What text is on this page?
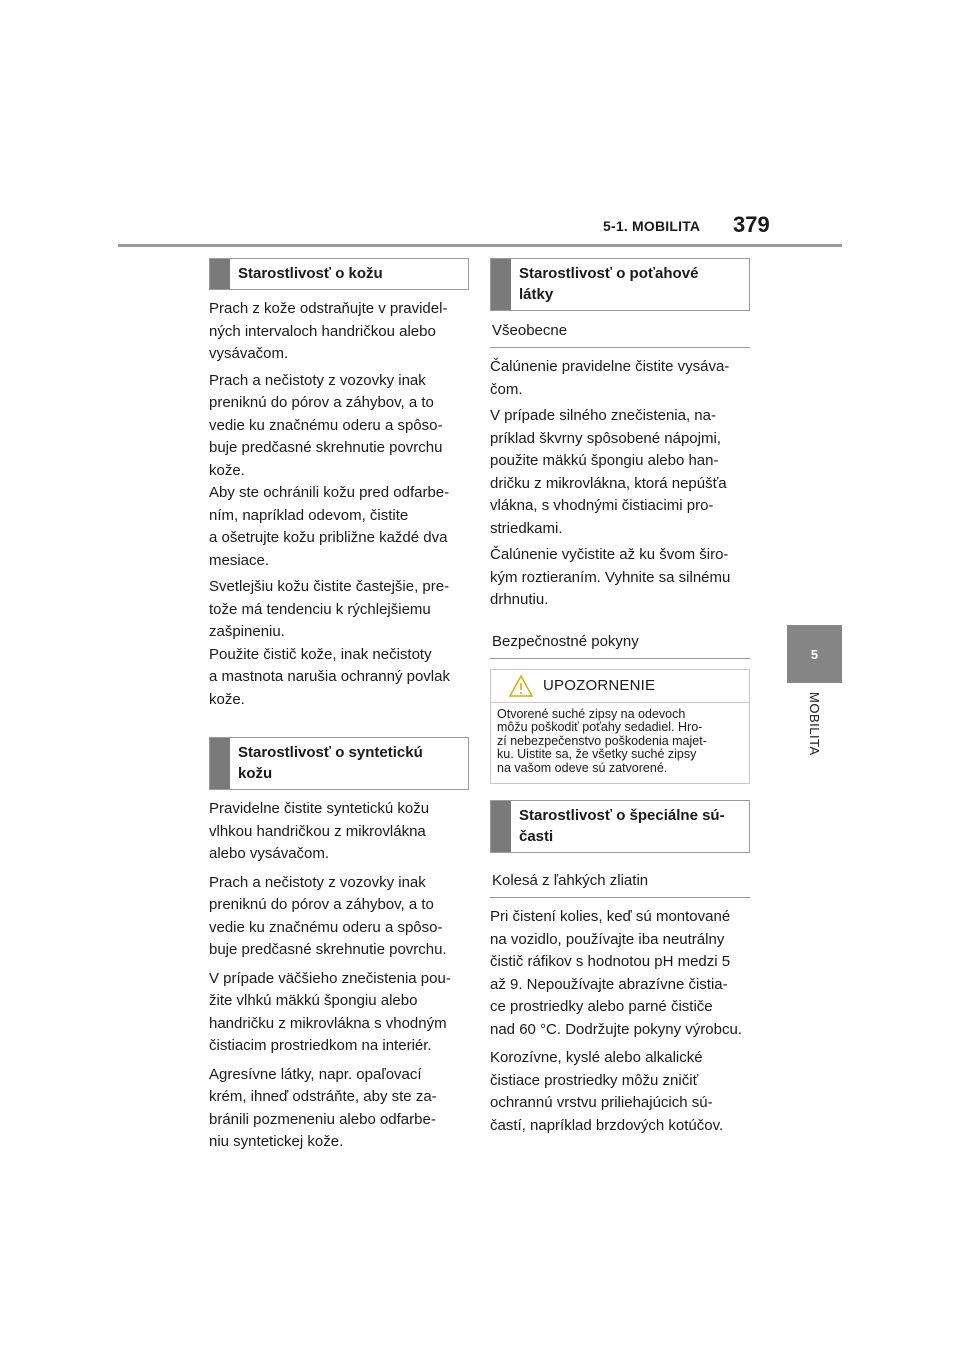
5-1. MOBILITA 379
5
MOBILITA
Starostlivosť o kožu

Prach z kože odstraňujte v pravidel-

ných intervaloch handričkou alebo

vysávačom.

Prach a nečistoty z vozovky inak

preniknú do pórov a záhybov, a to

vedie ku značnému oderu a spôso-

buje predčasné skrehnutie povrchu

kože.

Aby ste ochránili kožu pred odfarbe-

ním, napríklad odevom, čistite

a ošetrujte kožu približne každé dva

mesiace.

Svetlejšiu kožu čistite častejšie, pre-

tože má tendenciu k rýchlejšiemu

zašpineniu.

Použite čistič kože, inak nečistoty

a mastnota narušia ochranný povlak

kože.

Starostlivosť o syntetickú
kožu

Pravidelne čistite syntetickú kožu

vlhkou handričkou z mikrovlákna

alebo vysávačom.

Prach a nečistoty z vozovky inak

preniknú do pórov a záhybov, a to

vedie ku značnému oderu a spôso-

buje predčasné skrehnutie povrchu.

V prípade väčšieho znečistenia pou-

žite vlhkú mäkkú špongiu alebo

handričku z mikrovlákna s vhodným

čistiacim prostriedkom na interiér.

Agresívne látky, napr. opaľovací

krém, ihneď odstráňte, aby ste za-

bránili pozmeneniu alebo odfarbe-

niu syntetickej kože.

Starostlivosť o poťahové
látky
Všeobecne

Čalúnenie pravidelne čistite vysáva-

čom.

V prípade silného znečistenia, na-

príklad škvrny spôsobené nápojmi,

použite mäkkú špongiu alebo han-

dričku z mikrovlákna, ktorá nepúšťa

vlákna, s vhodnými čistiacimi pro-

striedkami.

Čalúnenie vyčistite až ku švom širo-

kým roztieraním. Vyhnite sa silnému

drhnutiu.

Bezpečnostné pokyny
UPOZORNENIE
Otvorené suché zipsy na odevoch
môžu poškodiť poťahy sedadiel. Hro-
zí nebezpečenstvo poškodenia majet-
ku. Uistite sa, že všetky suché zipsy
na vašom odeve sú zatvorené.
Starostlivosť o špeciálne sú-
časti
Kolesá z ľahkých zliatin

Pri čistení kolies, keď sú montované

na vozidlo, používajte iba neutrálny

čistič ráfikov s hodnotou pH medzi 5

až 9. Nepoužívajte abrazívne čistia-

ce prostriedky alebo parné čističe

nad 60 °C. Dodržujte pokyny výrobcu.

Korozívne, kyslé alebo alkalické

čistiace prostriedky môžu zničiť

ochrannú vrstvu priliehajúcich sú-

častí, napríklad brzdových kotúčov.
